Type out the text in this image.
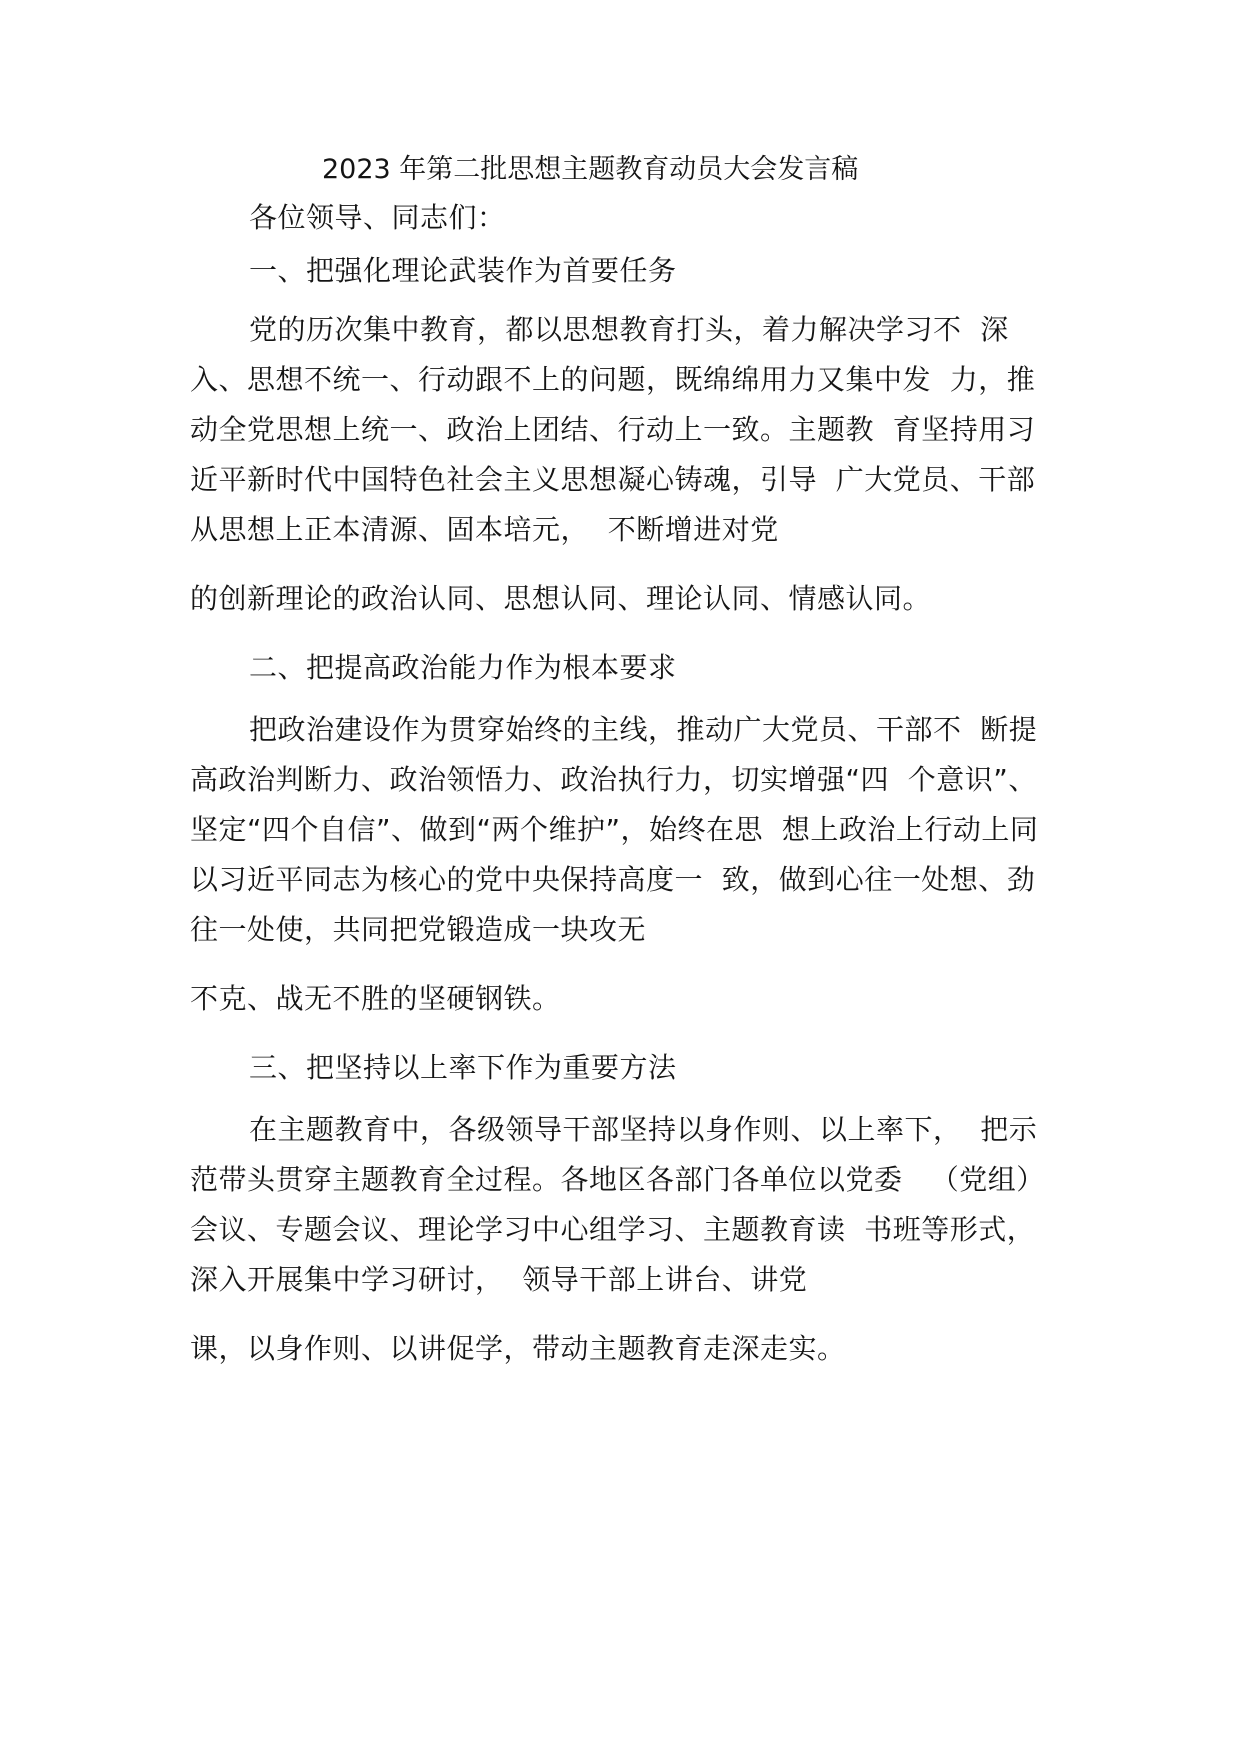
2023 年第二批思想主题教育动员大会发言稿
各位领导、同志们：
一、把强化理论武装作为首要任务
党的历次集中教育，都以思想教育打头，着力解决学习不  深
入、思想不统一、行动跟不上的问题，既绵绵用力又集中发  力，推
动全党思想上统一、政治上团结、行动上一致。主题教  育坚持用习
近平新时代中国特色社会主义思想凝心铸魂，引导  广大党员、干部
从思想上正本清源、固本培元，  不断增进对党
的创新理论的政治认同、思想认同、理论认同、情感认同。
二、把提高政治能力作为根本要求
把政治建设作为贯穿始终的主线，推动广大党员、干部不  断提
高政治判断力、政治领悟力、政治执行力，切实增强“四  个意识”、
坚定“四个自信”、做到“两个维护”，始终在思  想上政治上行动上同
以习近平同志为核心的党中央保持高度一  致，做到心往一处想、劲
往一处使，共同把党锻造成一块攻无
不克、战无不胜的坚硬钢铁。
三、把坚持以上率下作为重要方法
在主题教育中，各级领导干部坚持以身作则、以上率下，  把示
范带头贯穿主题教育全过程。各地区各部门各单位以党委   （党组）
会议、专题会议、理论学习中心组学习、主题教育读  书班等形式，
深入开展集中学习研讨，  领导干部上讲台、讲党
课，以身作则、以讲促学，带动主题教育走深走实。
